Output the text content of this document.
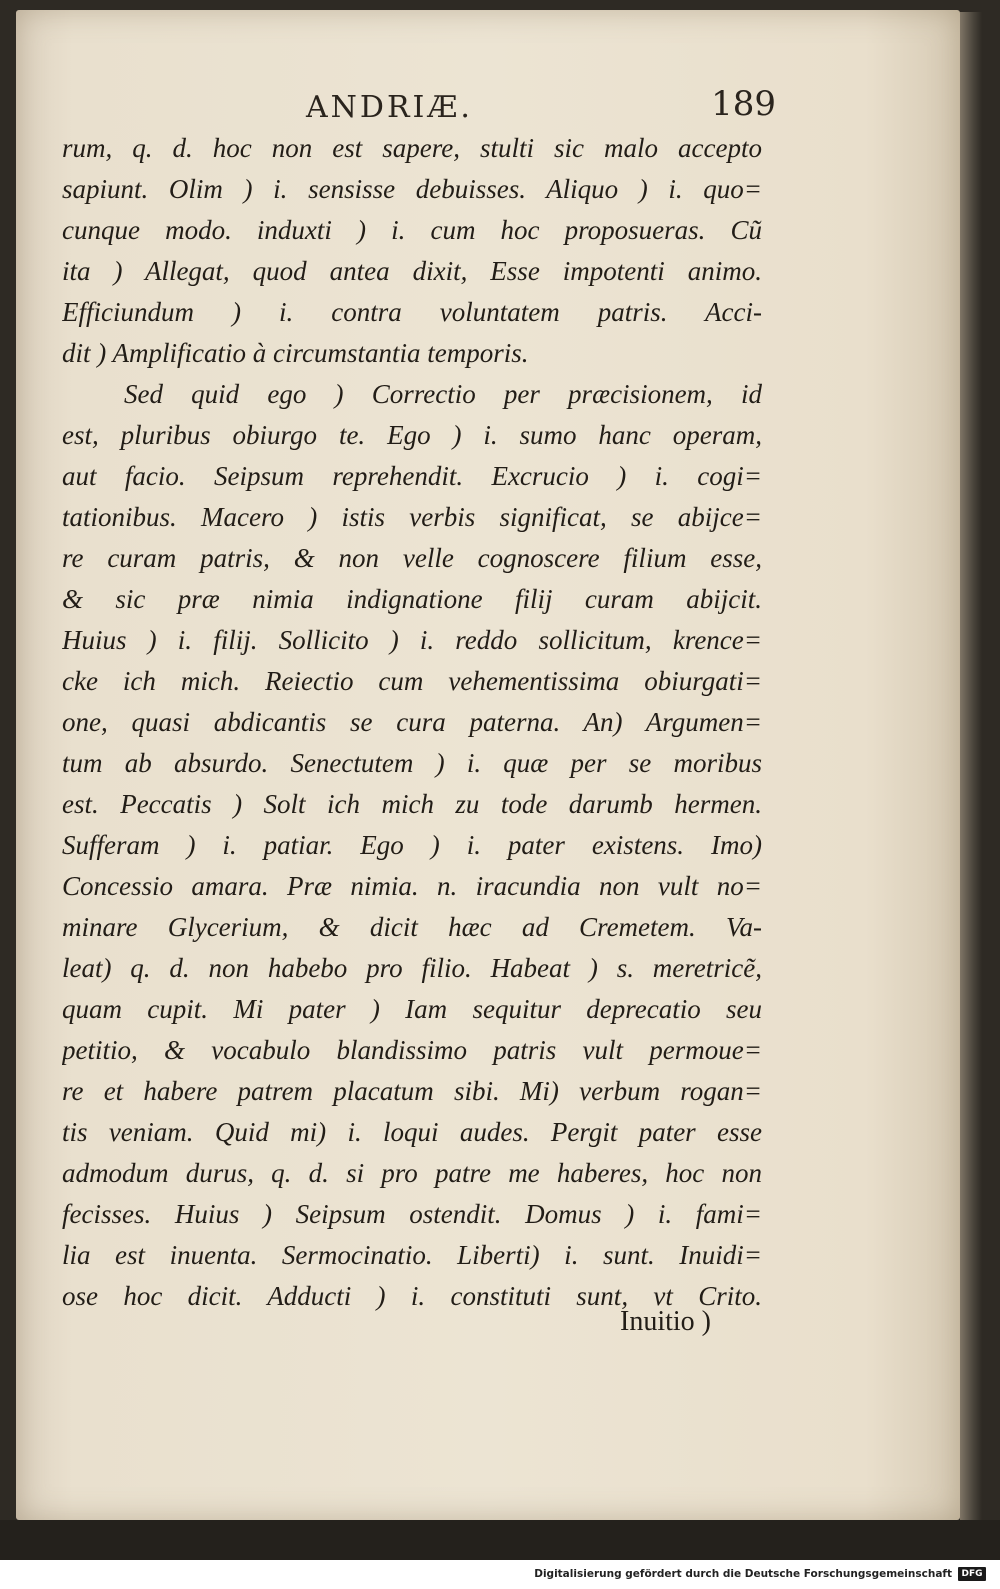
ANDRIÆ.	189
rum, q. d. hoc non est sapere, stulti sic malo accepto
sapiunt. Olim ) i. sensisse debuisses. Aliquo ) i. quo=
cunque modo. induxti ) i. cum hoc proposueras. Cũ
ita ) Allegat, quod antea dixit, Esse impotenti animo.
Efficiundum ) i. contra voluntatem patris. Acci-
dit ) Amplificatio à circumstantia temporis.
Sed quid ego ) Correctio per præcisionem, id
est, pluribus obiurgo te. Ego ) i. sumo hanc operam,
aut facio. Seipsum reprehendit. Excrucio ) i. cogi=
tationibus. Macero ) istis verbis significat, se abijce=
re curam patris, & non velle cognoscere filium esse,
& sic præ nimia indignatione filij curam abijcit.
Huius ) i. filij. Sollicito ) i. reddo sollicitum, krence=
cke ich mich. Reiectio cum vehementissima obiurgati=
one, quasi abdicantis se cura paterna. An) Argumen=
tum ab absurdo. Senectutem ) i. quæ per se moribus
est. Peccatis ) Solt ich mich zu tode darumb hermen.
Sufferam ) i. patiar. Ego ) i. pater existens. Imo)
Concessio amara. Præ nimia. n. iracundia non vult no=
minare Glycerium, & dicit hæc ad Cremetem. Va-
leat) q. d. non habebo pro filio. Habeat ) s. meretricẽ,
quam cupit. Mi pater ) Iam sequitur deprecatio seu
petitio, & vocabulo blandissimo patris vult permoue=
re et habere patrem placatum sibi. Mi) verbum rogan=
tis veniam. Quid mi) i. loqui audes. Pergit pater esse
admodum durus, q. d. si pro patre me haberes, hoc non
fecisses. Huius ) Seipsum ostendit. Domus ) i. fami=
lia est inuenta. Sermocinatio. Liberti) i. sunt. Inuidi=
ose hoc dicit. Adducti ) i. constituti sunt, vt Crito.
Inuitio )
Digitalisierung gefördert durch die Deutsche Forschungsgemeinschaft	DFG
